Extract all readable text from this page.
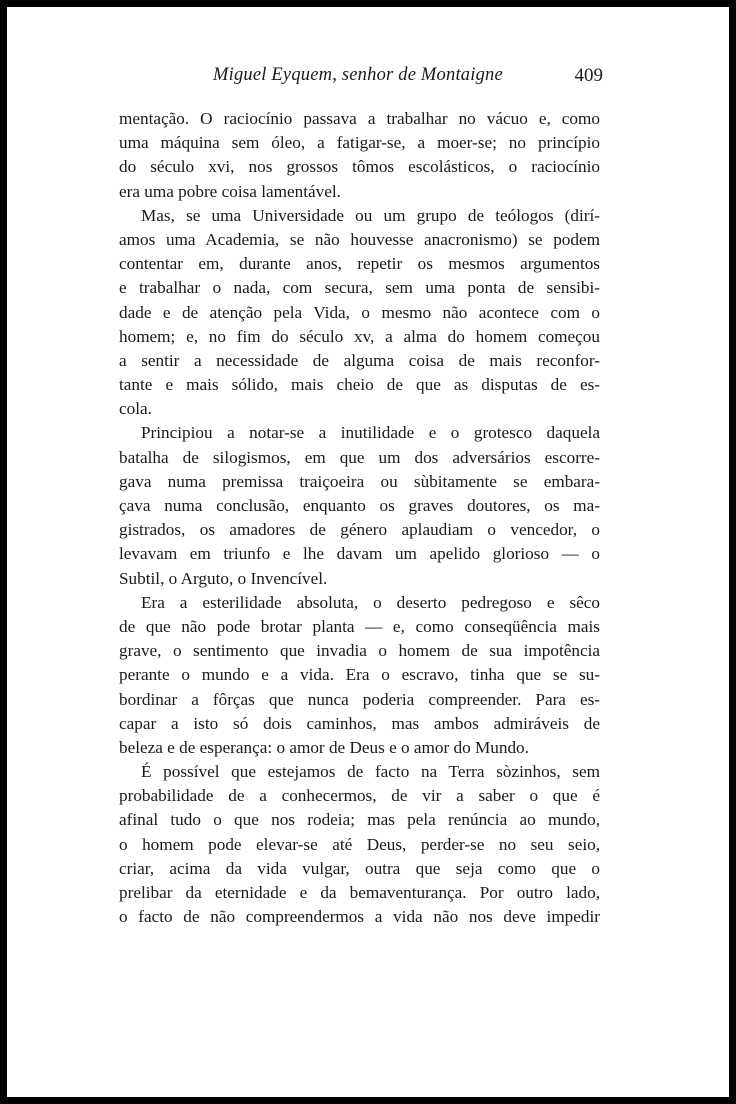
Miguel Eyquem, senhor de Montaigne	409
mentação. O raciocínio passava a trabalhar no vácuo e, como
uma máquina sem óleo, a fatigar-se, a moer-se; no princípio
do século xvi, nos grossos tômos escolásticos, o raciocínio
era uma pobre coisa lamentável.
Mas, se uma Universidade ou um grupo de teólogos (dirí-
amos uma Academia, se não houvesse anacronismo) se podem
contentar em, durante anos, repetir os mesmos argumentos
e trabalhar o nada, com secura, sem uma ponta de sensibi-
dade e de atenção pela Vida, o mesmo não acontece com o
homem; e, no fim do século xv, a alma do homem começou
a sentir a necessidade de alguma coisa de mais reconfor-
tante e mais sólido, mais cheio de que as disputas de es-
cola.
Principiou a notar-se a inutilidade e o grotesco daquela
batalha de silogismos, em que um dos adversários escorre-
gava numa premissa traiçoeira ou sùbitamente se embara-
çava numa conclusão, enquanto os graves doutores, os ma-
gistrados, os amadores de género aplaudiam o vencedor, o
levavam em triunfo e lhe davam um apelido glorioso — o
Subtil, o Arguto, o Invencível.
Era a esterilidade absoluta, o deserto pedregoso e sêco
de que não pode brotar planta — e, como conseqüência mais
grave, o sentimento que invadia o homem de sua impotência
perante o mundo e a vida. Era o escravo, tinha que se su-
bordinar a fôrças que nunca poderia compreender. Para es-
capar a isto só dois caminhos, mas ambos admiráveis de
beleza e de esperança: o amor de Deus e o amor do Mundo.
É possível que estejamos de facto na Terra sòzinhos, sem
probabilidade de a conhecermos, de vir a saber o que é
afinal tudo o que nos rodeia; mas pela renúncia ao mundo,
o homem pode elevar-se até Deus, perder-se no seu seio,
criar, acima da vida vulgar, outra que seja como que o
prelibar da eternidade e da bemaventurança. Por outro lado,
o facto de não compreendermos a vida não nos deve impedir
